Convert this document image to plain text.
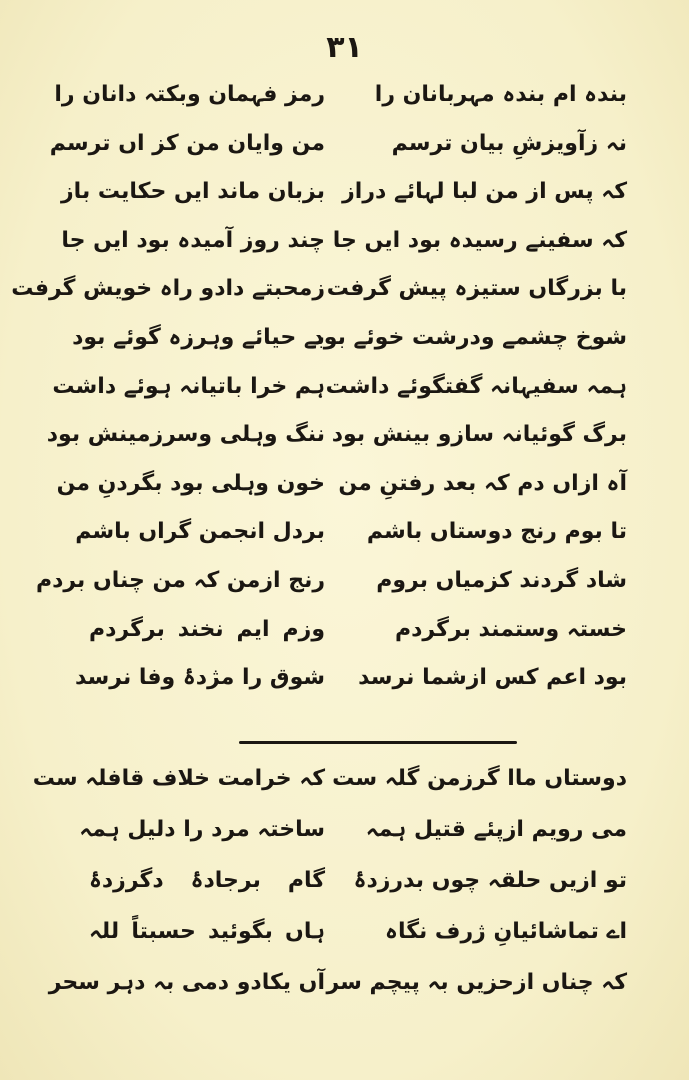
۳۱
بندہ ام بندہ مہربانان را
رمز فہمان وبکتہ دانان را
نہ زآویزشِ بیان ترسم
من وایان من کز اں ترسم
کہ پس از من لبا لہائے دراز
بزبان ماند ایں حکایت باز
کہ سفینے رسیدہ بود ایں جا
چند روز آمیدہ بود ایں جا
با بزرگاں ستیزہ پیش گرفت
زمحبتے دادو راہ خویش گرفت
شوخ چشمے ودرشت خوئے بود
بے حیائے وہرزہ گوئے بود
ہمہ سفیہانہ گفتگوئے داشت
ہم خرا باتیانہ ہوئے داشت
برگ گوئیانہ سازو بینش بود
ننگ وہلی وسرزمینش بود
آہ ازاں دم کہ بعد رفتنِ من
خون وہلی بود بگردنِ من
تا بوم رنج دوستاں باشم
بردل انجمن گراں باشم
شاد گردند کزمیاں بروم
رنج ازمن کہ من چناں بردم
خستہ وستمند برگردم
وزم ایم نخند برگردم
بود اعم کس ازشما نرسد
شوق را مژدۂ وفا نرسد
دوستاں ماا گرزمن گلہ ست
کہ خرامت خلاف قافلہ ست
می رویم ازپئے قتیل ہمہ
ساختہ مرد را دلیل ہمہ
تو ازیں حلقہ چوں بدرزدۂ
گام برجادۂ دگرزدۂ
اے تماشائیانِ ژرف نگاہ
ہاں بگوئید حسبتاً للہ
کہ چناں ازحزیں بہ پیچم سر
آں یکادو دمی بہ دہر سحر
